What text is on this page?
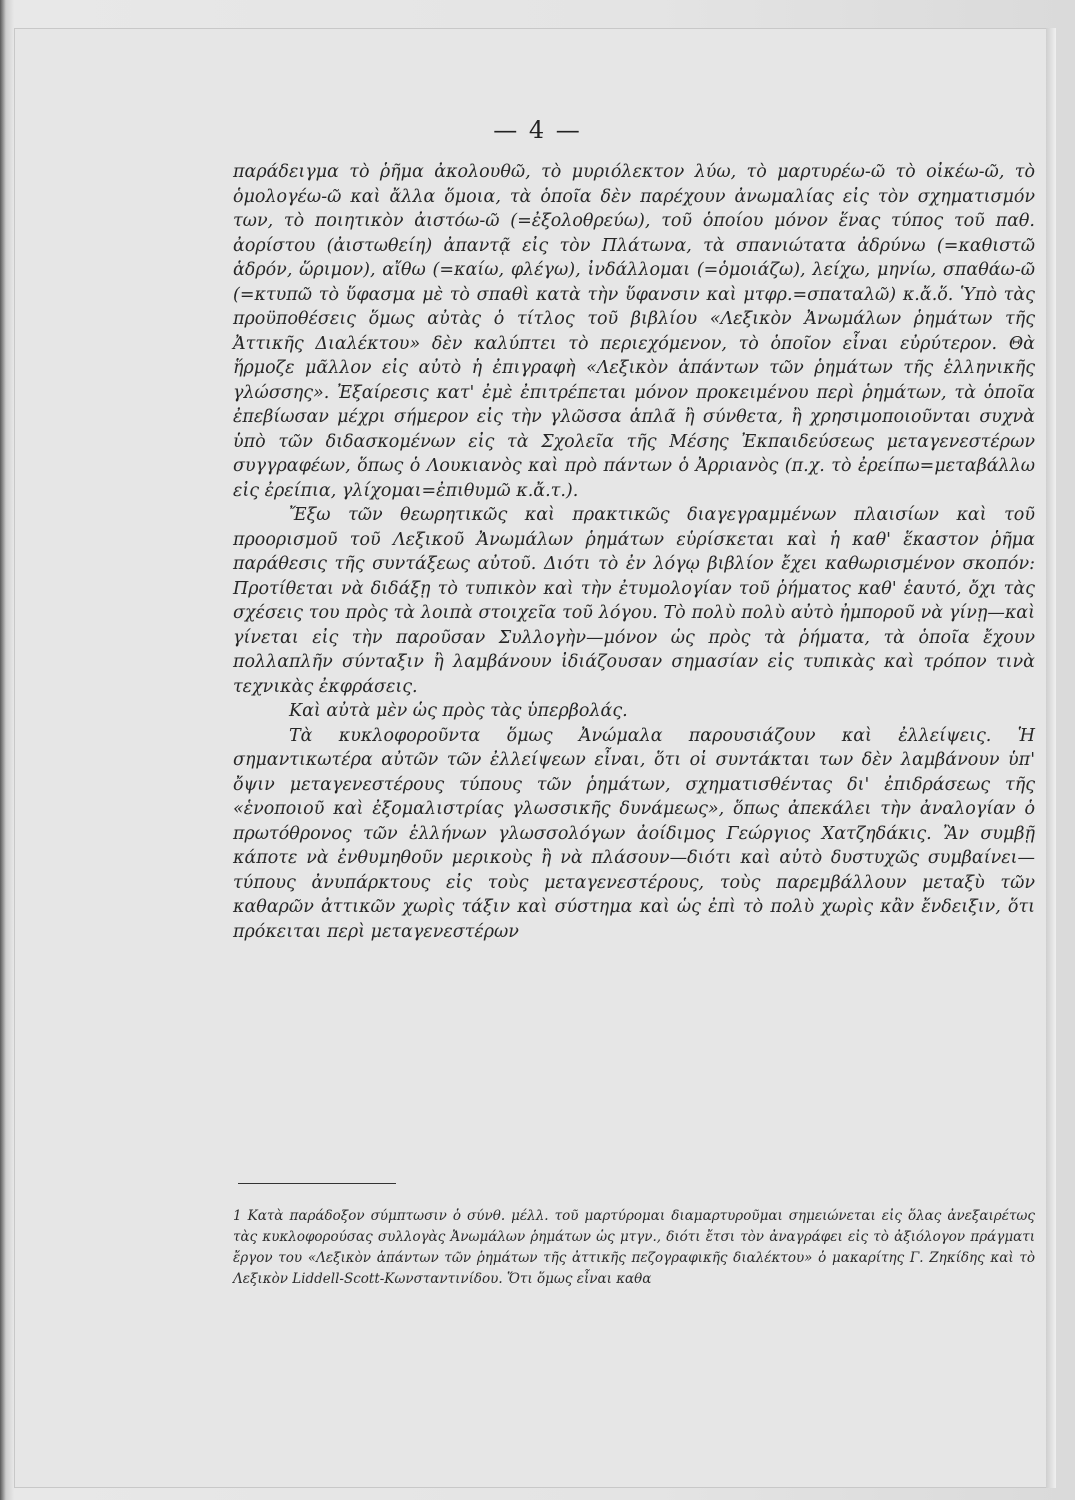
— 4 —

παράδειγμα τὸ ῥῆμα ἀκολουθῶ, τὸ μυριόλεκτον λύω, τὸ μαρτυρέω-ῶ τὸ οἰκέω-ῶ, τὸ ὁμολογέω-ῶ καὶ ἄλλα ὅμοια, τὰ ὁποῖα δὲν παρέχουν ἀνωμαλίας εἰς τὸν σχηματισμόν των, τὸ ποιητικὸν ἀιστόω-ῶ (=ἐξολοθρεύω), τοῦ ὁποίου μόνον ἕνας τύπος τοῦ παθ. ἀορίστου (ἀιστωθείη) ἀπαντᾷ εἰς τὸν Πλάτωνα, τὰ σπανιώτατα ἀδρύνω (=καθιστῶ ἁδρόν, ὥριμον), αἴθω (=καίω, φλέγω), ἰνδάλλομαι (=ὁμοιάζω), λείχω, μηνίω, σπαθάω-ῶ (=κτυπῶ τὸ ὕφασμα μὲ τὸ σπαθὶ κατὰ τὴν ὕφανσιν καὶ μτφρ.=σπαταλῶ) κ.ἄ.ὅ. Ὑπὸ τὰς προϋποθέσεις ὅμως αὐτὰς ὁ τίτλος τοῦ βιβλίου «Λεξικὸν Ἀνωμάλων ῥημάτων τῆς Ἀττικῆς Διαλέκτου» δὲν καλύπτει τὸ περιεχόμενον, τὸ ὁποῖον εἶναι εὐρύτερον. Θὰ ἥρμοζε μᾶλλον εἰς αὐτὸ ἡ ἐπιγραφὴ «Λεξικὸν ἁπάντων τῶν ῥημάτων τῆς ἑλληνικῆς γλώσσης». Ἐξαίρεσις κατ' ἐμὲ ἐπιτρέπεται μόνον προκειμένου περὶ ῥημάτων, τὰ ὁποῖα ἐπεβίωσαν μέχρι σήμερον εἰς τὴν γλῶσσα ἁπλᾶ ἢ σύνθετα, ἢ χρησιμοποιοῦνται συχνὰ ὑπὸ τῶν διδασκομένων εἰς τὰ Σχολεῖα τῆς Μέσης Ἐκπαιδεύσεως μεταγενεστέρων συγγραφέων, ὅπως ὁ Λουκιανὸς καὶ πρὸ πάντων ὁ Ἀρριανὸς (π.χ. τὸ ἐρείπω=μεταβάλλω εἰς ἐρείπια, γλίχομαι=ἐπιθυμῶ κ.ἄ.τ.).

Ἔξω τῶν θεωρητικῶς καὶ πρακτικῶς διαγεγραμμένων πλαισίων καὶ τοῦ προορισμοῦ τοῦ Λεξικοῦ Ἀνωμάλων ῥημάτων εὑρίσκεται καὶ ἡ καθ' ἕκαστον ῥῆμα παράθεσις τῆς συντάξεως αὐτοῦ. Διότι τὸ ἐν λόγῳ βιβλίον ἔχει καθωρισμένον σκοπόν: Προτίθεται νὰ διδάξῃ τὸ τυπικὸν καὶ τὴν ἐτυμολογίαν τοῦ ῥήματος καθ' ἑαυτό, ὄχι τὰς σχέσεις του πρὸς τὰ λοιπὰ στοιχεῖα τοῦ λόγου. Τὸ πολὺ πολὺ αὐτὸ ἠμποροῦ νὰ γίνῃ—καὶ γίνεται εἰς τὴν παροῦσαν Συλλογὴν—μόνον ὡς πρὸς τὰ ῥήματα, τὰ ὁποῖα ἔχουν πολλαπλῆν σύνταξιν ἢ λαμβάνουν ἰδιάζουσαν σημασίαν εἰς τυπικὰς καὶ τρόπον τινὰ τεχνικὰς ἐκφράσεις.

Καὶ αὐτὰ μὲν ὡς πρὸς τὰς ὑπερβολάς.

Τὰ κυκλοφοροῦντα ὅμως Ἀνώμαλα παρουσιάζουν καὶ ἐλλείψεις. Ἡ σημαντικωτέρα αὐτῶν τῶν ἐλλείψεων εἶναι, ὅτι οἱ συντάκται των δὲν λαμβάνουν ὑπ' ὄψιν μεταγενεστέρους τύπους τῶν ῥημάτων, σχηματισθέντας δι' ἐπιδράσεως τῆς «ἑνοποιοῦ καὶ ἐξομαλιστρίας γλωσσικῆς δυνάμεως», ὅπως ἀπεκάλει τὴν ἀναλογίαν ὁ πρωτόθρονος τῶν ἑλλήνων γλωσσολόγων ἀοίδιμος Γεώργιος Χατζηδάκις. Ἂν συμβῇ κάποτε νὰ ἐνθυμηθοῦν μερικοὺς ἢ νὰ πλάσουν—διότι καὶ αὐτὸ δυστυχῶς συμβαίνει—τύπους ἀνυπάρκτους εἰς τοὺς μεταγενεστέρους, τοὺς παρεμβάλλουν μεταξὺ τῶν καθαρῶν ἀττικῶν χωρὶς τάξιν καὶ σύστημα καὶ ὡς ἐπὶ τὸ πολὺ χωρὶς κἂν ἔνδειξιν, ὅτι πρόκειται περὶ μεταγενεστέρων

1 Κατὰ παράδοξον σύμπτωσιν ὁ σύνθ. μέλλ. τοῦ μαρτύρομαι διαμαρτυροῦμαι σημειώνεται εἰς ὅλας ἀνεξαιρέτως τὰς κυκλοφορούσας συλλογὰς Ἀνωμάλων ῥημάτων ὡς μτγν., διότι ἔτσι τὸν ἀναγράφει εἰς τὸ ἀξιόλογον πράγματι ἔργον του «Λεξικὸν ἁπάντων τῶν ῥημάτων τῆς ἀττικῆς πεζογραφικῆς διαλέκτου» ὁ μακαρίτης Γ. Ζηκίδης καὶ τὸ Λεξικὸν Liddell-Scott-Κωνσταντινίδου. Ὅτι ὅμως εἶναι καθα
